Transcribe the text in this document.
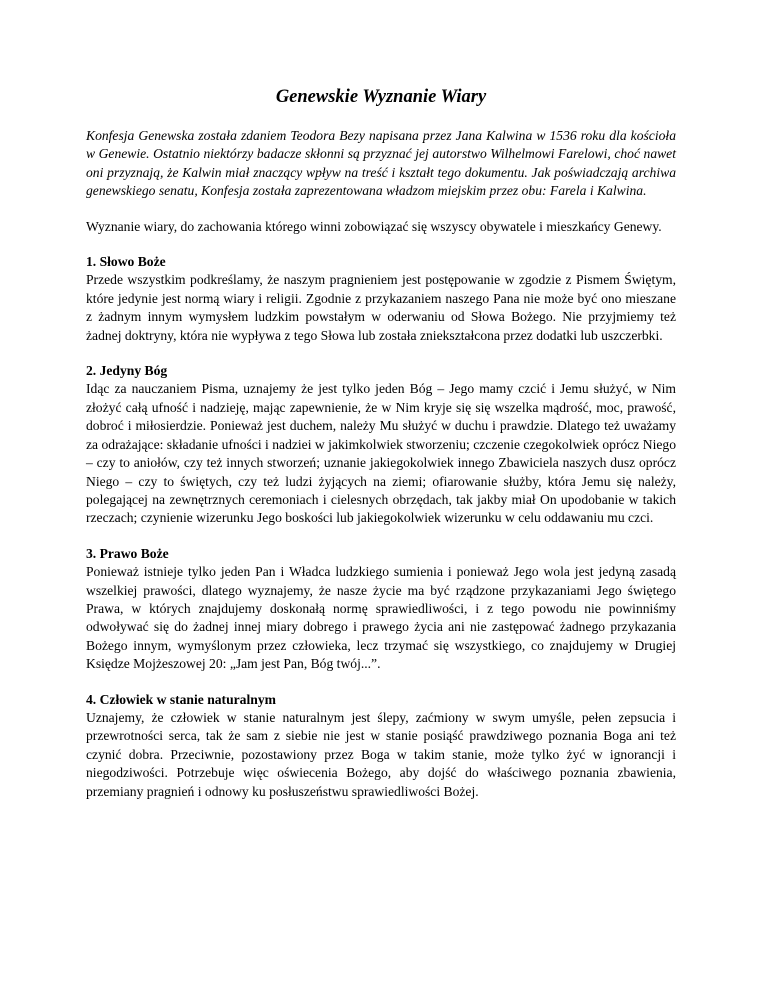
Genewskie Wyznanie Wiary

Konfesja Genewska została zdaniem Teodora Bezy napisana przez Jana Kalwina w 1536 roku dla kościoła w Genewie. Ostatnio niektórzy badacze skłonni są przyznać jej autorstwo Wilhelmowi Farelowi, choć nawet oni przyznają, że Kalwin miał znaczący wpływ na treść i kształt tego dokumentu. Jak poświadczają archiwa genewskiego senatu, Konfesja została zaprezentowana władzom miejskim przez obu: Farela i Kalwina.

Wyznanie wiary, do zachowania którego winni zobowiązać się wszyscy obywatele i mieszkańcy Genewy.

1. Słowo Boże

Przede wszystkim podkreślamy, że naszym pragnieniem jest postępowanie w zgodzie z Pismem Świętym, które jedynie jest normą wiary i religii. Zgodnie z przykazaniem naszego Pana nie może być ono mieszane z żadnym innym wymysłem ludzkim powstałym w oderwaniu od Słowa Bożego. Nie przyjmiemy też żadnej doktryny, która nie wypływa z tego Słowa lub została zniekształcona przez dodatki lub uszczerbki.

2. Jedyny Bóg

Idąc za nauczaniem Pisma, uznajemy że jest tylko jeden Bóg – Jego mamy czcić i Jemu służyć, w Nim złożyć całą ufność i nadzieję, mając zapewnienie, że w Nim kryje się się wszelka mądrość, moc, prawość, dobroć i miłosierdzie. Ponieważ jest duchem, należy Mu służyć w duchu i prawdzie. Dlatego też uważamy za odrażające: składanie ufności i nadziei w jakimkolwiek stworzeniu; czczenie czegokolwiek oprócz Niego – czy to aniołów, czy też innych stworzeń; uznanie jakiegokolwiek innego Zbawiciela naszych dusz oprócz Niego – czy to świętych, czy też ludzi żyjących na ziemi; ofiarowanie służby, która Jemu się należy, polegającej na zewnętrznych ceremoniach i cielesnych obrzędach, tak jakby miał On upodobanie w takich rzeczach; czynienie wizerunku Jego boskości lub jakiegokolwiek wizerunku w celu oddawaniu mu czci.

3. Prawo Boże

Ponieważ istnieje tylko jeden Pan i Władca ludzkiego sumienia i ponieważ Jego wola jest jedyną zasadą wszelkiej prawości, dlatego wyznajemy, że nasze życie ma być rządzone przykazaniami Jego świętego Prawa, w których znajdujemy doskonałą normę sprawiedliwości, i z tego powodu nie powinniśmy odwoływać się do żadnej innej miary dobrego i prawego życia ani nie zastępować żadnego przykazania Bożego innym, wymyślonym przez człowieka, lecz trzymać się wszystkiego, co znajdujemy w Drugiej Księdze Mojżeszowej 20: „Jam jest Pan, Bóg twój...”.

4. Człowiek w stanie naturalnym

Uznajemy, że człowiek w stanie naturalnym jest ślepy, zaćmiony w swym umyśle, pełen zepsucia i przewrotności serca, tak że sam z siebie nie jest w stanie posiąść prawdziwego poznania Boga ani też czynić dobra. Przeciwnie, pozostawiony przez Boga w takim stanie, może tylko żyć w ignorancji i niegodziwości. Potrzebuje więc oświecenia Bożego, aby dojść do właściwego poznania zbawienia, przemiany pragnień i odnowy ku posłuszeństwu sprawiedliwości Bożej.
